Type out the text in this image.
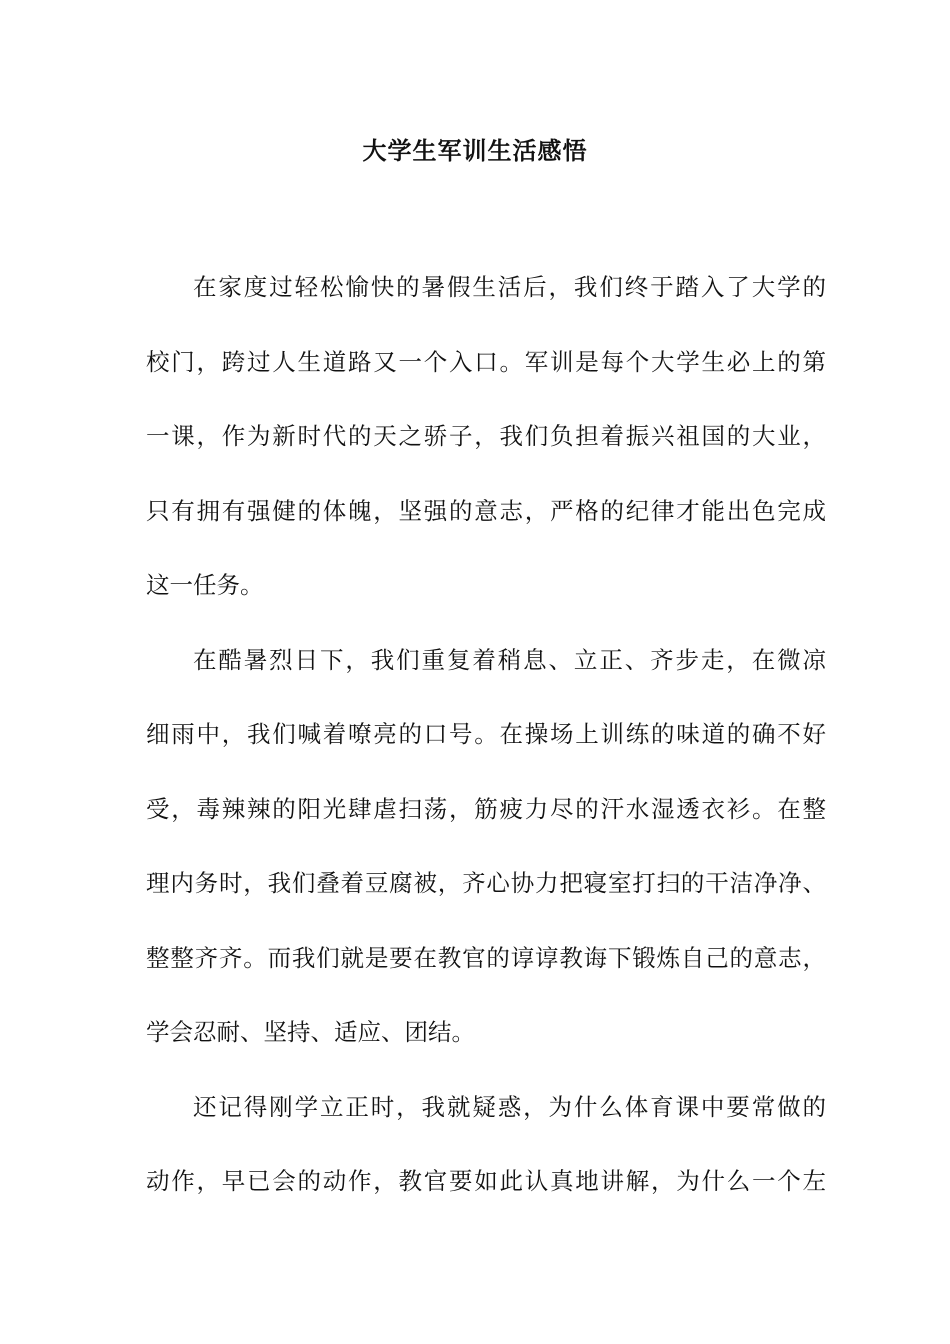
大学生军训生活感悟
在家度过轻松愉快的暑假生活后，我们终于踏入了大学的
校门，跨过人生道路又一个入口。军训是每个大学生必上的第
一课，作为新时代的天之骄子，我们负担着振兴祖国的大业，
只有拥有强健的体魄，坚强的意志，严格的纪律才能出色完成
这一任务。
在酷暑烈日下，我们重复着稍息、立正、齐步走，在微凉
细雨中，我们喊着嘹亮的口号。在操场上训练的味道的确不好
受，毒辣辣的阳光肆虐扫荡，筋疲力尽的汗水湿透衣衫。在整
理内务时，我们叠着豆腐被，齐心协力把寝室打扫的干洁净净、
整整齐齐。而我们就是要在教官的谆谆教诲下锻炼自己的意志，
学会忍耐、坚持、适应、团结。
还记得刚学立正时，我就疑惑，为什么体育课中要常做的
动作，早已会的动作，教官要如此认真地讲解，为什么一个左
